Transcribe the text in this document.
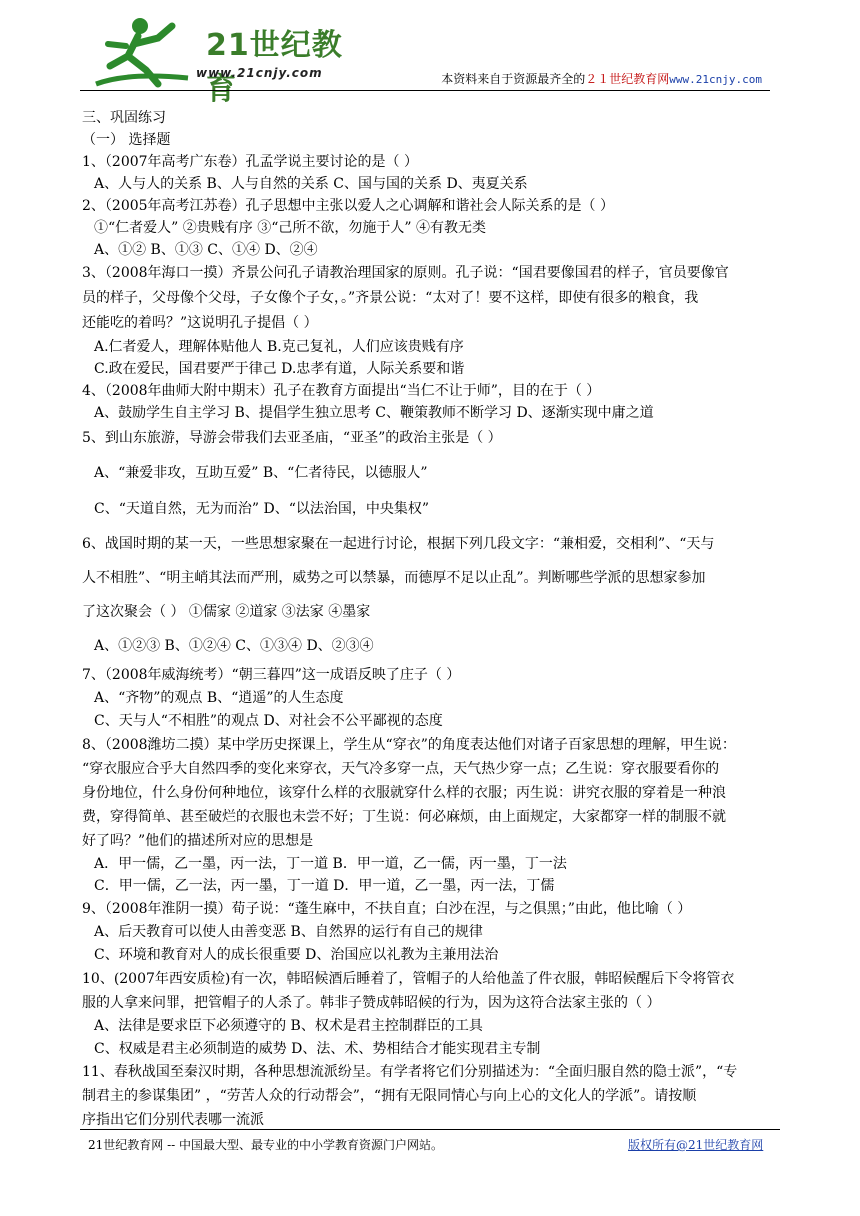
21世纪教育
www.21cnjy.com	本资料来自于资源最齐全的２１世纪教育网www.21cnjy.com
三、巩固练习
（一） 选择题
1、（2007年高考广东卷）孔孟学说主要讨论的是（ ）
A、人与人的关系 B、人与自然的关系 C、国与国的关系 D、夷夏关系
2、（2005年高考江苏卷）孔子思想中主张以爱人之心调解和谐社会人际关系的是（ ）
①“仁者爱人” ②贵贱有序 ③“己所不欲，勿施于人” ④有教无类
A、①② B、①③ C、①④ D、②④
3、（2008年海口一摸）齐景公问孔子请教治理国家的原则。孔子说：“国君要像国君的样子，官员要像官
员的样子，父母像个父母，子女像个子女，。”齐景公说：“太对了！要不这样，即使有很多的粮食，我
还能吃的着吗？”这说明孔子提倡（ ）
A.仁者爱人，理解体贴他人 B.克己复礼，人们应该贵贱有序
C.政在爱民，国君要严于律己 D.忠孝有道，人际关系要和谐
4、（2008年曲师大附中期末）孔子在教育方面提出“当仁不让于师”，目的在于（ ）
A、鼓励学生自主学习 B、提倡学生独立思考 C、鞭策教师不断学习 D、逐渐实现中庸之道
5、到山东旅游，导游会带我们去亚圣庙，“亚圣”的政治主张是（ ）
A、“兼爱非攻，互助互爱” B、“仁者待民，以德服人”
C、“天道自然，无为而治” D、“以法治国，中央集权”
6、战国时期的某一天，一些思想家聚在一起进行讨论，根据下列几段文字：“兼相爱，交相利”、“天与
人不相胜”、“明主峭其法而严刑，威势之可以禁暴，而德厚不足以止乱”。判断哪些学派的思想家参加
了这次聚会（ ） ①儒家 ②道家 ③法家 ④墨家
A、①②③ B、①②④ C、①③④ D、②③④
7、（2008年威海统考）“朝三暮四”这一成语反映了庄子（ ）
A、“齐物”的观点 B、“逍遥”的人生态度
C、天与人“不相胜”的观点 D、对社会不公平鄙视的态度
8、（2008潍坊二摸）某中学历史探课上，学生从“穿衣”的角度表达他们对诸子百家思想的理解，甲生说：
“穿衣服应合乎大自然四季的变化来穿衣，天气冷多穿一点，天气热少穿一点；乙生说：穿衣服要看你的
身份地位，什么身份何种地位，该穿什么样的衣服就穿什么样的衣服；丙生说：讲究衣服的穿着是一种浪
费，穿得简单、甚至破烂的衣服也未尝不好；丁生说：何必麻烦，由上面规定，大家都穿一样的制服不就
好了吗？”他们的描述所对应的思想是
A．甲一儒，乙一墨，丙一法，丁一道 B．甲一道，乙一儒，丙一墨，丁一法
C．甲一儒，乙一法，丙一墨，丁一道 D．甲一道，乙一墨，丙一法，丁儒
9、（2008年淮阴一摸）荀子说：“蓬生麻中，不扶自直；白沙在涅，与之俱黑；”由此，他比喻（ ）
A、后天教育可以使人由善变恶 B、自然界的运行有自己的规律
C、环境和教育对人的成长很重要 D、治国应以礼教为主兼用法治
10、(2007年西安质检)有一次，韩昭候酒后睡着了，管帽子的人给他盖了件衣服，韩昭候醒后下令将管衣
服的人拿来问罪，把管帽子的人杀了。韩非子赞成韩昭候的行为，因为这符合法家主张的（ ）
A、法律是要求臣下必须遵守的 B、权术是君主控制群臣的工具
C、权威是君主必须制造的威势 D、法、术、势相结合才能实现君主专制
11、春秋战国至秦汉时期，各种思想流派纷呈。有学者将它们分别描述为：“全面归服自然的隐士派”，“专
制君主的参谋集团” ，“劳苦人众的行动帮会”，“拥有无限同情心与向上心的文化人的学派”。请按顺
序指出它们分别代表哪一流派
21世纪教育网 -- 中国最大型、最专业的中小学教育资源门户网站。	版权所有@21世纪教育网
